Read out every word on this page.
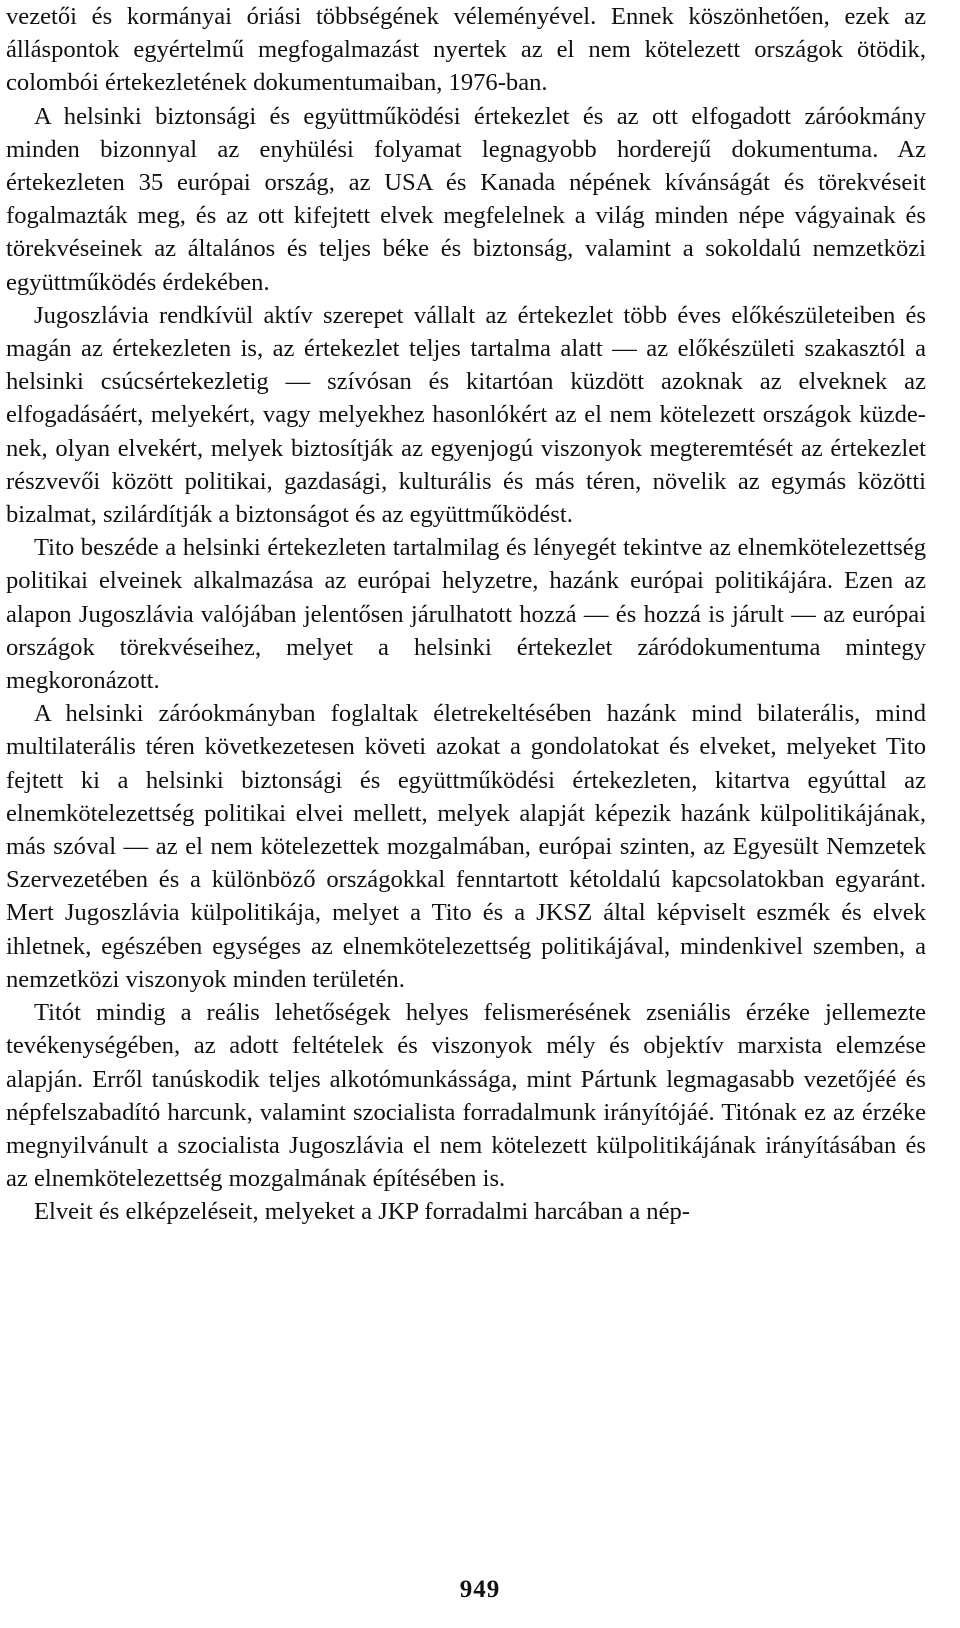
vezetői és kormányai óriási többségének véleményével. Ennek köszönhetően, ezek az álláspontok egyértelmű megfogalmazást nyertek az el nem kötelezett országok ötödik, colombói értekezletének dokumentumaiban, 1976-ban.

A helsinki biztonsági és együttműködési értekezlet és az ott elfogadott záróokmány minden bizonnyal az enyhülési folyamat legnagyobb horderejű dokumentuma. Az értekezleten 35 európai ország, az USA és Kanada népének kívánságát és törekvéseit fogalmazták meg, és az ott kifejtett elvek megfelelnek a világ minden népe vágyainak és törekvéseinek az általános és teljes béke és biztonság, valamint a sokoldalú nemzetközi együttműködés érdekében.

Jugoszlávia rendkívül aktív szerepet vállalt az értekezlet több éves előkészületeiben és magán az értekezleten is, az értekezlet teljes tartalma alatt — az előkészületi szakasztól a helsinki csúcsértekezletig — szívósan és kitartóan küzdött azoknak az elveknek az elfogadásáért, melyekért, vagy melyekhez hasonlókért az el nem kötelezett országok küzdenek, olyan elvekért, melyek biztosítják az egyenjogú viszonyok megteremtését az értekezlet részvevői között politikai, gazdasági, kulturális és más téren, növelik az egymás közötti bizalmat, szilárdítják a biztonságot és az együttműködést.

Tito beszéde a helsinki értekezleten tartalmilag és lényegét tekintve az elnemkötelezettség politikai elveinek alkalmazása az európai helyzetre, hazánk európai politikájára. Ezen az alapon Jugoszlávia valójában jelentősen járulhatott hozzá — és hozzá is járult — az európai országok törekvéseihez, melyet a helsinki értekezlet záródokumentuma mintegy megkoronázott.

A helsinki záróokmányban foglaltak életrekeltésében hazánk mind bilaterális, mind multilaterális téren következetesen követi azokat a gondolatokat és elveket, melyeket Tito fejtett ki a helsinki biztonsági és együttműködési értekezleten, kitartva egyúttal az elnemkötelezettség politikai elvei mellett, melyek alapját képezik hazánk külpolitikájának, más szóval — az el nem kötelezettek mozgalmában, európai szinten, az Egyesült Nemzetek Szervezetében és a különböző országokkal fenntartott kétoldalú kapcsolatokban egyaránt. Mert Jugoszlávia külpolitikája, melyet a Tito és a JKSZ által képviselt eszmék és elvek ihletnek, egészében egységes az elnemkötelezettség politikájával, mindenkivel szemben, a nemzetközi viszonyok minden területén.

Titót mindig a reális lehetőségek helyes felismerésének zseniális érzéke jellemezte tevékenységében, az adott feltételek és viszonyok mély és objektív marxista elemzése alapján. Erről tanúskodik teljes alkotómunkássága, mint Pártunk legmagasabb vezetőjéé és népfelszabadító harcunk, valamint szocialista forradalmunk irányítójáé. Titónak ez az érzéke megnyilvánult a szocialista Jugoszlávia el nem kötelezett külpolitikájának irányításában és az elnemkötelezettség mozgalmának építésében is.

Elveit és elképzeléseit, melyeket a JKP forradalmi harcában a nép-

949
